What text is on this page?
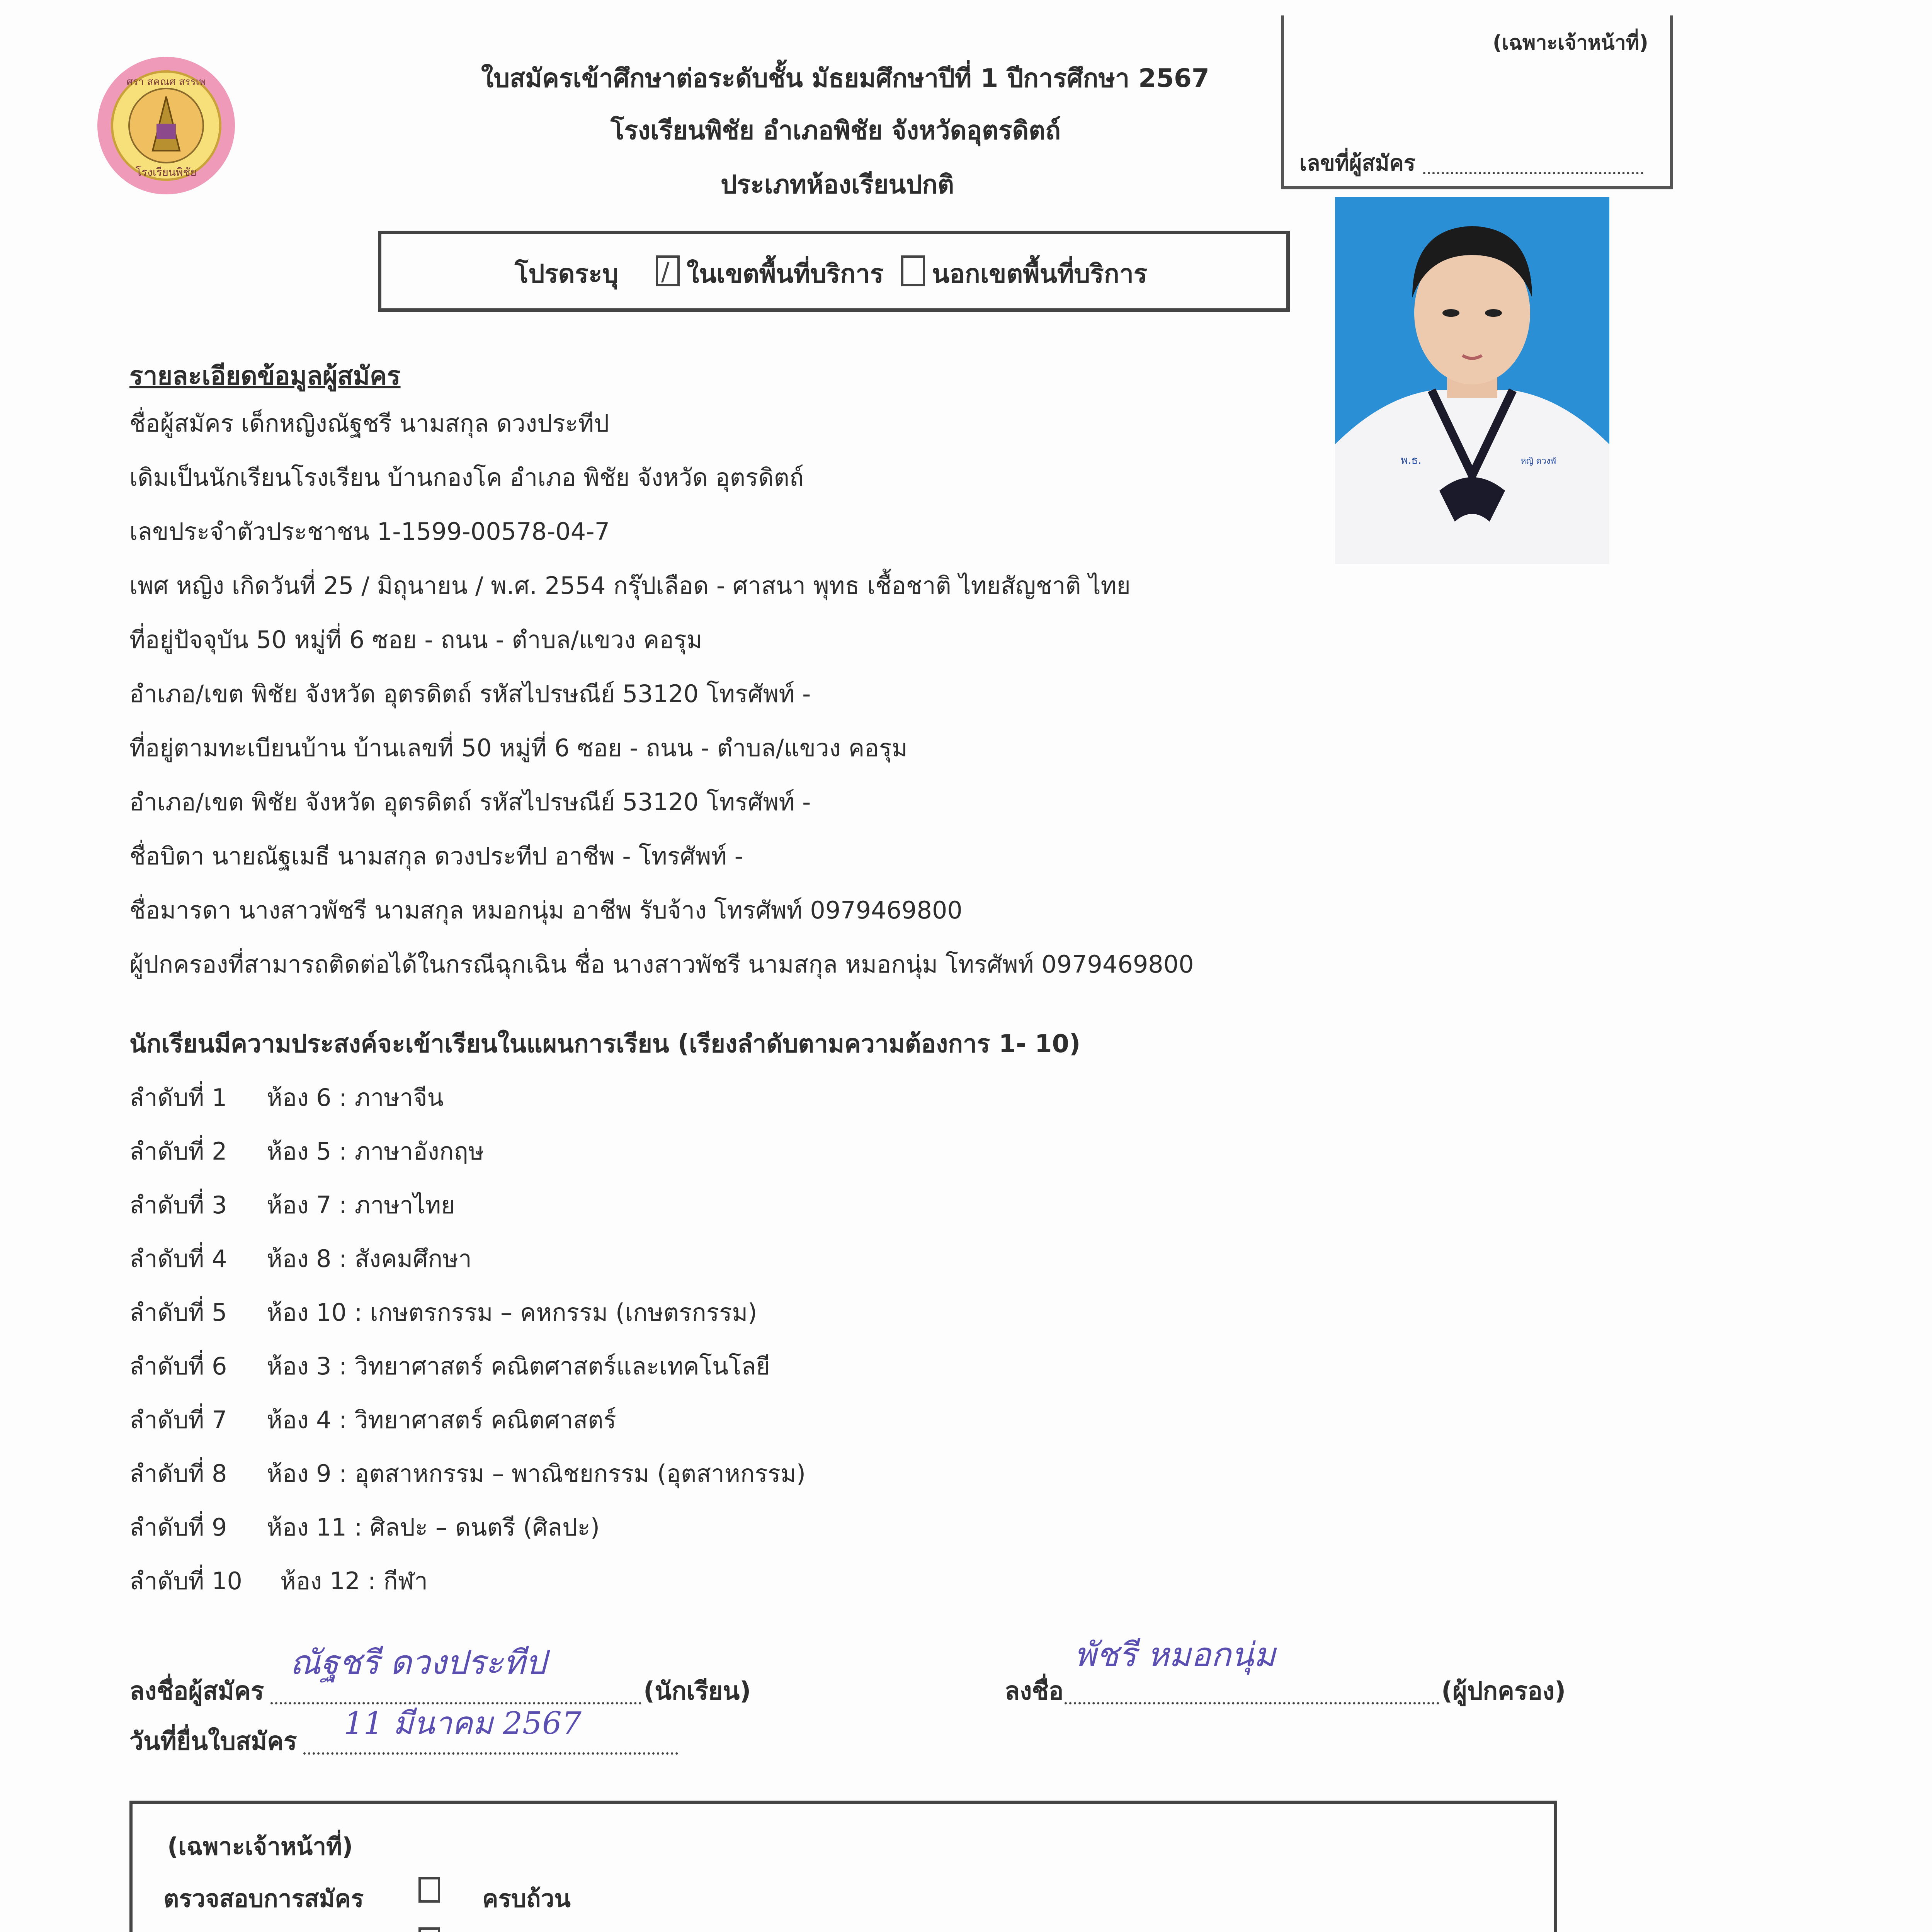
ศรา สคณศ สรรเพ
โรงเรียนพิชัย
ใบสมัครเข้าศึกษาต่อระดับชั้น มัธยมศึกษาปีที่ 1 ปีการศึกษา 2567
โรงเรียนพิชัย อำเภอพิชัย จังหวัดอุตรดิตถ์
ประเภทห้องเรียนปกติ
(เฉพาะเจ้าหน้าที่)
เลขที่ผู้สมัคร
โปรดระบุ / ในเขตพื้นที่บริการ นอกเขตพื้นที่บริการ
พ.ธ.	หญิ ดวงพั
รายละเอียดข้อมูลผู้สมัคร
ชื่อผู้สมัคร เด็กหญิงณัฐชรี นามสกุล ดวงประทีป
เดิมเป็นนักเรียนโรงเรียน บ้านกองโค อำเภอ พิชัย จังหวัด อุตรดิตถ์
เลขประจำตัวประชาชน 1-1599-00578-04-7
เพศ หญิง เกิดวันที่ 25 / มิถุนายน / พ.ศ. 2554 กรุ๊ปเลือด - ศาสนา พุทธ เชื้อชาติ ไทยสัญชาติ ไทย
ที่อยู่ปัจจุบัน 50 หมู่ที่ 6 ซอย - ถนน - ตำบล/แขวง คอรุม
อำเภอ/เขต พิชัย จังหวัด อุตรดิตถ์ รหัสไปรษณีย์ 53120 โทรศัพท์ -
ที่อยู่ตามทะเบียนบ้าน บ้านเลขที่ 50 หมู่ที่ 6 ซอย - ถนน - ตำบล/แขวง คอรุม
อำเภอ/เขต พิชัย จังหวัด อุตรดิตถ์ รหัสไปรษณีย์ 53120 โทรศัพท์ -
ชื่อบิดา นายณัฐเมธี นามสกุล ดวงประทีป อาชีพ - โทรศัพท์ -
ชื่อมารดา นางสาวพัชรี นามสกุล หมอกนุ่ม อาชีพ รับจ้าง โทรศัพท์ 0979469800
ผู้ปกครองที่สามารถติดต่อได้ในกรณีฉุกเฉิน ชื่อ นางสาวพัชรี นามสกุล หมอกนุ่ม โทรศัพท์ 0979469800
นักเรียนมีความประสงค์จะเข้าเรียนในแผนการเรียน (เรียงลำดับตามความต้องการ 1- 10)
ลำดับที่ 1 ห้อง 6 : ภาษาจีน
ลำดับที่ 2 ห้อง 5 : ภาษาอังกฤษ
ลำดับที่ 3 ห้อง 7 : ภาษาไทย
ลำดับที่ 4 ห้อง 8 : สังคมศึกษา
ลำดับที่ 5 ห้อง 10 : เกษตรกรรม – คหกรรม (เกษตรกรรม)
ลำดับที่ 6 ห้อง 3 : วิทยาศาสตร์ คณิตศาสตร์และเทคโนโลยี
ลำดับที่ 7 ห้อง 4 : วิทยาศาสตร์ คณิตศาสตร์
ลำดับที่ 8 ห้อง 9 : อุตสาหกรรม – พาณิชยกรรม (อุตสาหกรรม)
ลำดับที่ 9 ห้อง 11 : ศิลปะ – ดนตรี (ศิลปะ)
ลำดับที่ 10 ห้อง 12 : กีฬา
ลงชื่อผู้สมัคร
ณัฐชรี ดวงประทีป
(นักเรียน)
วันที่ยื่นใบสมัคร
11 มีนาคม 2567
ลงชื่อ
พัชรี หมอกนุ่ม
(ผู้ปกครอง)
(เฉพาะเจ้าหน้าที่)
ตรวจสอบการสมัคร	ครบถ้วน
